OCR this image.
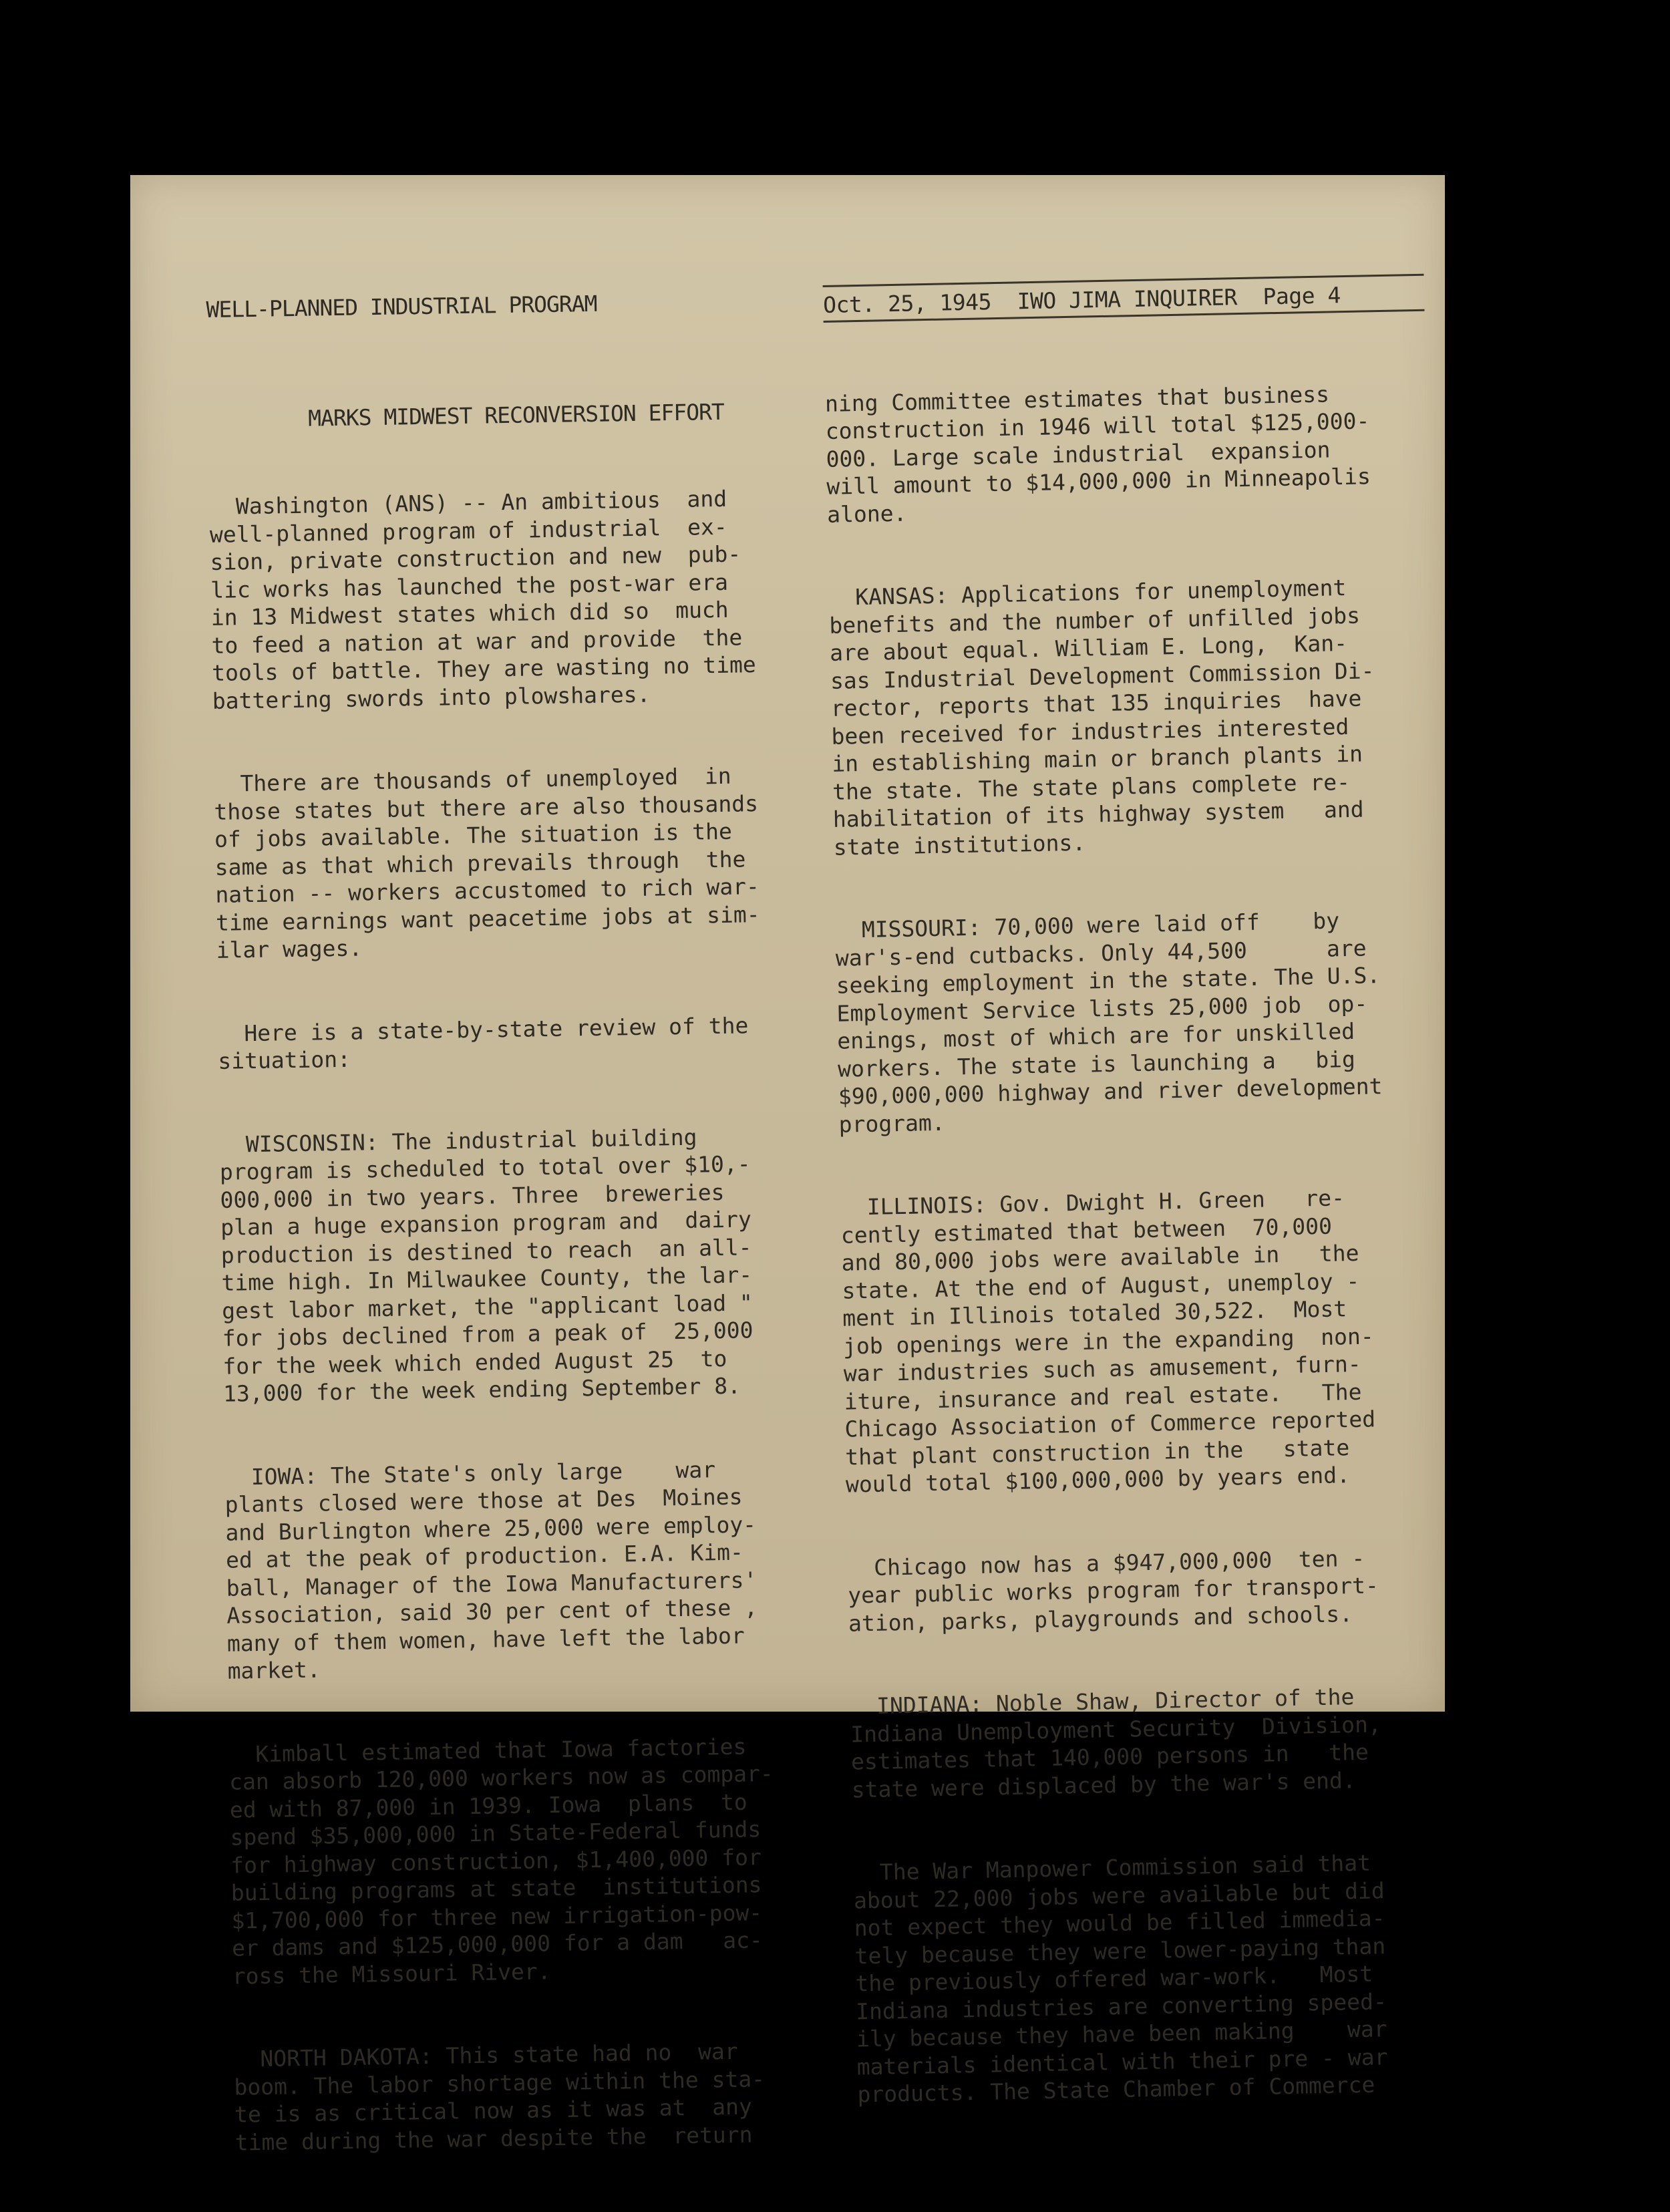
WELL-PLANNED INDUSTRIAL PROGRAM

MARKS MIDWEST RECONVERSION EFFORT

Washington (ANS) -- An ambitious  and
well-planned program of industrial  ex-
sion, private construction and new  pub-
lic works has launched the post-war era
in 13 Midwest states which did so  much
to feed a nation at war and provide  the
tools of battle. They are wasting no time
battering swords into plowshares.

There are thousands of unemployed  in
those states but there are also thousands
of jobs available. The situation is the
same as that which prevails through  the
nation -- workers accustomed to rich war-
time earnings want peacetime jobs at sim-
ilar wages.

Here is a state-by-state review of the
situation:

WISCONSIN: The industrial building
program is scheduled to total over $10,-
000,000 in two years. Three  breweries
plan a huge expansion program and  dairy
production is destined to reach  an all-
time high. In Milwaukee County, the lar-
gest labor market, the "applicant load "
for jobs declined from a peak of  25,000
for the week which ended August 25  to
13,000 for the week ending September 8.

IOWA: The State's only large    war
plants closed were those at Des  Moines
and Burlington where 25,000 were employ-
ed at the peak of production. E.A. Kim-
ball, Manager of the Iowa Manufacturers'
Association, said 30 per cent of these ,
many of them women, have left the labor
market.

Kimball estimated that Iowa factories
can absorb 120,000 workers now as compar-
ed with 87,000 in 1939. Iowa  plans  to
spend $35,000,000 in State-Federal funds
for highway construction, $1,400,000 for
building programs at state  institutions
$1,700,000 for three new irrigation-pow-
er dams and $125,000,000 for a dam   ac-
ross the Missouri River.

NORTH DAKOTA: This state had no  war
boom. The labor shortage within the sta-
te is as critical now as it was at  any
time during the war despite the  return

Oct. 25, 1945  IWO JIMA INQUIRER  Page 4

ning Committee estimates that business
construction in 1946 will total $125,000-
000. Large scale industrial  expansion
will amount to $14,000,000 in Minneapolis
alone.

KANSAS: Applications for unemployment
benefits and the number of unfilled jobs
are about equal. William E. Long,  Kan-
sas Industrial Development Commission Di-
rector, reports that 135 inquiries  have
been received for industries interested
in establishing main or branch plants in
the state. The state plans complete re-
habilitation of its highway system   and
state institutions.

MISSOURI: 70,000 were laid off    by
war's-end cutbacks. Only 44,500      are
seeking employment in the state. The U.S.
Employment Service lists 25,000 job  op-
enings, most of which are for unskilled
workers. The state is launching a   big
$90,000,000 highway and river development
program.

ILLINOIS: Gov. Dwight H. Green   re-
cently estimated that between  70,000
and 80,000 jobs were available in   the
state. At the end of August, unemploy -
ment in Illinois totaled 30,522.  Most
job openings were in the expanding  non-
war industries such as amusement, furn-
iture, insurance and real estate.   The
Chicago Association of Commerce reported
that plant construction in the   state
would total $100,000,000 by years end.

Chicago now has a $947,000,000  ten -
year public works program for transport-
ation, parks, playgrounds and schools.

INDIANA: Noble Shaw, Director of the
Indiana Unemployment Security  Division,
estimates that 140,000 persons in   the
state were displaced by the war's end.

The War Manpower Commission said that
about 22,000 jobs were available but did
not expect they would be filled immedia-
tely because they were lower-paying than
the previously offered war-work.   Most
Indiana industries are converting speed-
ily because they have been making    war
materials identical with their pre - war
products. The State Chamber of Commerce
